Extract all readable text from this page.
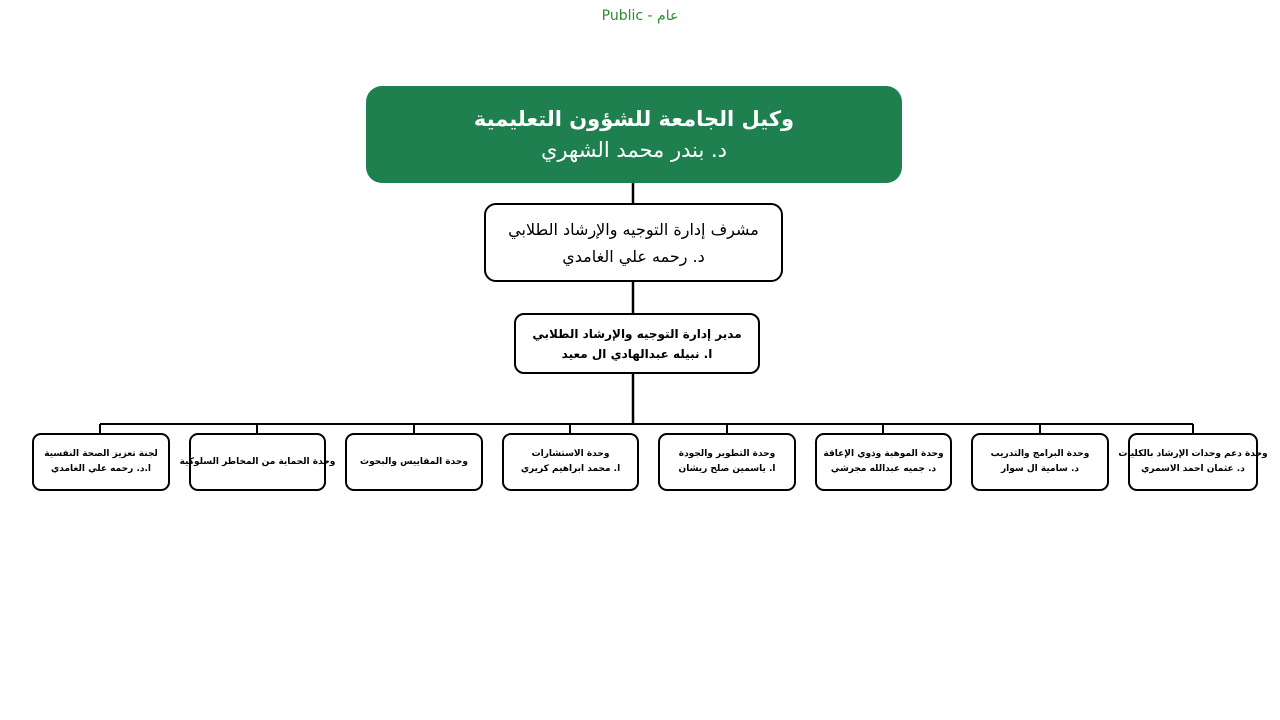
عام - Public
وكيل الجامعة للشؤون التعليمية
د. بندر محمد الشهري
مشرف إدارة التوجيه والإرشاد الطلابي
د. رحمه علي الغامدي
مدير إدارة التوجيه والإرشاد الطلابي
ا. نبيله عبدالهادي ال معيد
وحدة دعم وحدات الإرشاد بالكليات
د. عثمان احمد الاسمري
وحدة البرامج والتدريب
د. سامية ال سوار
وحدة الموهبة وذوي الإعاقة
د. جميه عبدالله مجرشي
وحدة التطوير والجودة
ا. ياسمين صلح ريشان
وحدة الاستشارات
ا. محمد ابراهيم كريري
وحدة المقاييس والبحوث
وحدة الحماية من المخاطر السلوكية
لجنة تعزيز الصحة النفسية
ا.د. رحمه علي الغامدي
